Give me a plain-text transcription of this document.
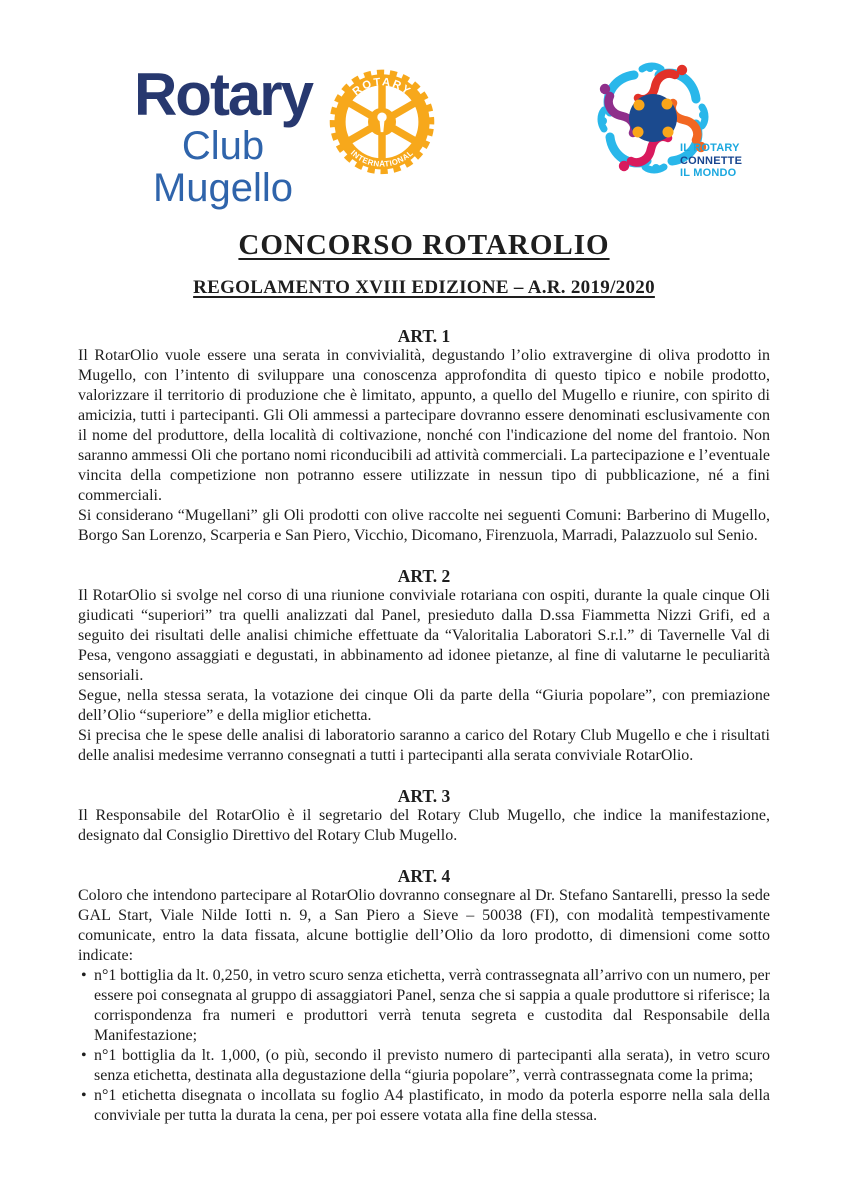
Rotary
Club Mugello
ROTARY
INTERNATIONAL	IL ROTARY
CONNETTE
IL MONDO
CONCORSO ROTAROLIO
REGOLAMENTO XVIII EDIZIONE – A.R. 2019/2020
ART. 1

Il RotarOlio vuole essere una serata in convivialità, degustando l’olio extravergine di oliva prodotto in Mugello, con l’intento di sviluppare una conoscenza approfondita di questo tipico e nobile prodotto, valorizzare il territorio di produzione che è limitato, appunto, a quello del Mugello e riunire, con spirito di amicizia, tutti i partecipanti. Gli Oli ammessi a partecipare dovranno essere denominati esclusivamente con il nome del produttore, della località di coltivazione, nonché con l'indicazione del nome del frantoio. Non saranno ammessi Oli che portano nomi riconducibili ad attività commerciali. La partecipazione e l’eventuale vincita della competizione non potranno essere utilizzate in nessun tipo di pubblicazione, né a fini commerciali.

Si considerano “Mugellani” gli Oli prodotti con olive raccolte nei seguenti Comuni: Barberino di Mugello, Borgo San Lorenzo, Scarperia e San Piero, Vicchio, Dicomano, Firenzuola, Marradi, Palazzuolo sul Senio.

ART. 2

Il RotarOlio si svolge nel corso di una riunione conviviale rotariana con ospiti, durante la quale cinque Oli giudicati “superiori” tra quelli analizzati dal Panel, presieduto dalla D.ssa Fiammetta Nizzi Grifi, ed a seguito dei risultati delle analisi chimiche effettuate da “Valoritalia Laboratori S.r.l.” di Tavernelle Val di Pesa, vengono assaggiati e degustati, in abbinamento ad idonee pietanze, al fine di valutarne le peculiarità sensoriali.

Segue, nella stessa serata, la votazione dei cinque Oli da parte della “Giuria popolare”, con premiazione dell’Olio “superiore” e della miglior etichetta.

Si precisa che le spese delle analisi di laboratorio saranno a carico del Rotary Club Mugello e che i risultati delle analisi medesime verranno consegnati a tutti i partecipanti alla serata conviviale RotarOlio.

ART. 3

Il Responsabile del RotarOlio è il segretario del Rotary Club Mugello, che indice la manifestazione, designato dal Consiglio Direttivo del Rotary Club Mugello.

ART. 4

Coloro che intendono partecipare al RotarOlio dovranno consegnare al Dr. Stefano Santarelli, presso la sede GAL Start, Viale Nilde Iotti n. 9, a San Piero a Sieve – 50038 (FI), con modalità tempestivamente comunicate, entro la data fissata, alcune bottiglie dell’Olio da loro prodotto, di dimensioni come sotto indicate:

• n°1 bottiglia da lt. 0,250, in vetro scuro senza etichetta, verrà contrassegnata all’arrivo con un numero, per essere poi consegnata al gruppo di assaggiatori Panel, senza che si sappia a quale produttore si riferisce; la corrispondenza fra numeri e produttori verrà tenuta segreta e custodita dal Responsabile della Manifestazione;
• n°1 bottiglia da lt. 1,000, (o più, secondo il previsto numero di partecipanti alla serata), in vetro scuro senza etichetta, destinata alla degustazione della “giuria popolare”, verrà contrassegnata come la prima;
• n°1 etichetta disegnata o incollata su foglio A4 plastificato, in modo da poterla esporre nella sala della conviviale per tutta la durata la cena, per poi essere votata alla fine della stessa.
